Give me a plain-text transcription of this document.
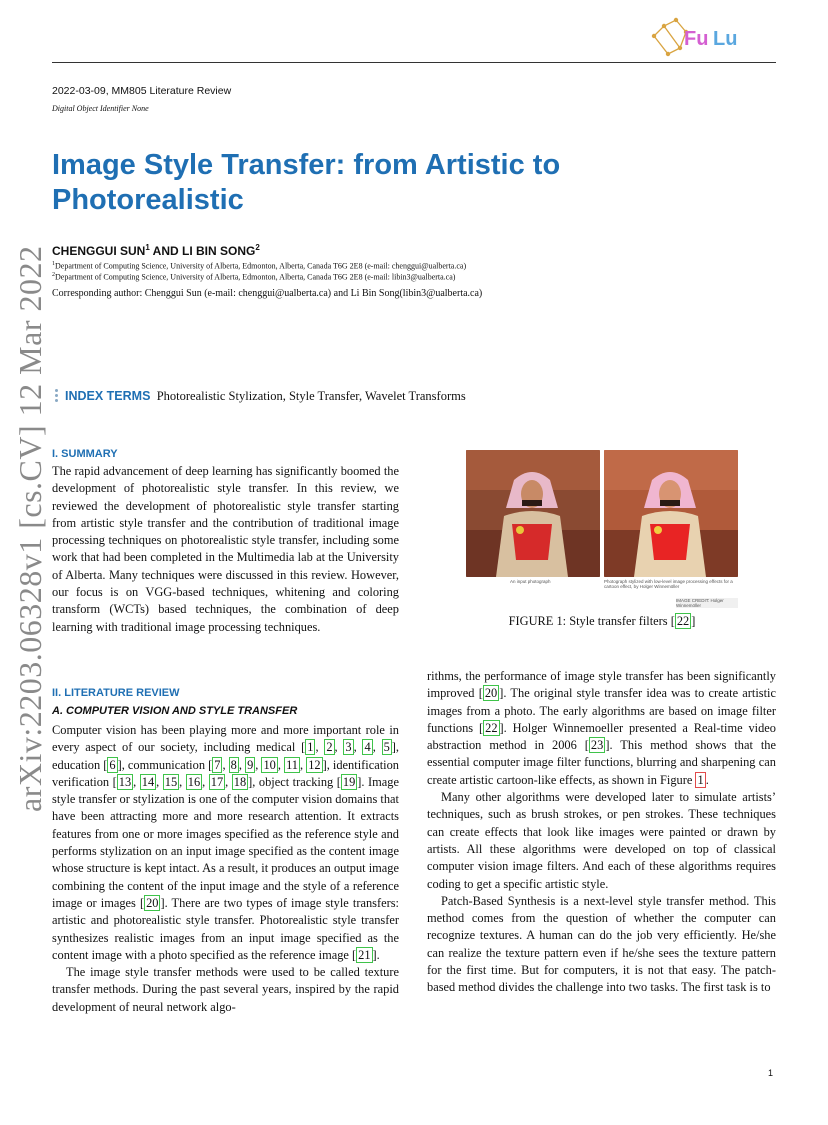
Fu Lu
2022-03-09, MM805 Literature Review
Digital Object Identifier None
Image Style Transfer: from Artistic to Photorealistic
CHENGGUI SUN$^1$ AND LI BIN SONG$^2$
$^1$Department of Computing Science, University of Alberta, Edmonton, Alberta, Canada T6G 2E8 (e-mail: chenggui@ualberta.ca)
$^2$Department of Computing Science, University of Alberta, Edmonton, Alberta, Canada T6G 2E8 (e-mail: libin3@ualberta.ca)
Corresponding author: Chenggui Sun (e-mail: chenggui@ualberta.ca) and Li Bin Song(libin3@ualberta.ca)
arXiv:2203.06328v1 [cs.CV] 12 Mar 2022	INDEX TERMS Photorealistic Stylization, Style Transfer, Wavelet Transforms
I. SUMMARY

The rapid advancement of deep learning has significantly boomed the development of photorealistic style transfer. In this review, we reviewed the development of photorealistic style transfer starting from artistic style transfer and the contribution of traditional image processing techniques on photorealistic style transfer, including some work that had been completed in the Multimedia lab at the University of Alberta. Many techniques were discussed in this review. However, our focus is on VGG-based techniques, whitening and coloring transform (WCTs) based techniques, the combination of deep learning with traditional image processing techniques.

II. LITERATURE REVIEW
A. COMPUTER VISION AND STYLE TRANSFER

Computer vision has been playing more and more important role in every aspect of our society, including medical [ 1 , 2 , 3 , 4 , 5 ], education [ 6 ], communication [ 7 , 8 , 9 , 10 , 11 , 12 ], identification verification [ 13 , 14 , 15 , 16 , 17 , 18 ], object tracking [ 19 ]. Image style transfer or stylization is one of the computer vision domains that have been attracting more and more research attention. It extracts features from one or more images specified as the reference style and performs stylization on an input image specified as the content image whose structure is kept intact. As a result, it produces an output image combining the content of the input image and the style of a reference image or images [ 20 ]. There are two types of image style transfers: artistic and photorealistic style transfer. Photorealistic style transfer synthesizes realistic images from an input image specified as the content image with a photo specified as the reference image [ 21 ].

The image style transfer methods were used to be called texture transfer methods. During the past several years, inspired by the rapid development of neural network algo-

An input photograph	Photograph stylized with low-level image processing effects for a cartoon effect, by Holger Winnemöller
IMAGE CREDIT: Holger Winnemöller
FIGURE 1: Style transfer filters [ 22 ]

rithms, the performance of image style transfer has been significantly improved [ 20 ]. The original style transfer idea was to create artistic images from a photo. The early algorithms are based on image filter functions [ 22 ]. Holger Winnemoeller presented a Real-time video abstraction method in 2006 [ 23 ]. This method shows that the essential computer image filter functions, blurring and sharpening can create artistic cartoon-like effects, as shown in Figure 1 .

Many other algorithms were developed later to simulate artists’ techniques, such as brush strokes, or pen strokes. These techniques can create effects that look like images were painted or drawn by artists. All these algorithms were developed on top of classical computer vision image filters. And each of these algorithms requires coding to get a specific artistic style.

Patch-Based Synthesis is a next-level style transfer method. This method comes from the question of whether the computer can recognize textures. A human can do the job very efficiently. He/she can realize the texture pattern even if he/she sees the texture pattern for the first time. But for computers, it is not that easy. The patch-based method divides the challenge into two tasks. The first task is to

1
